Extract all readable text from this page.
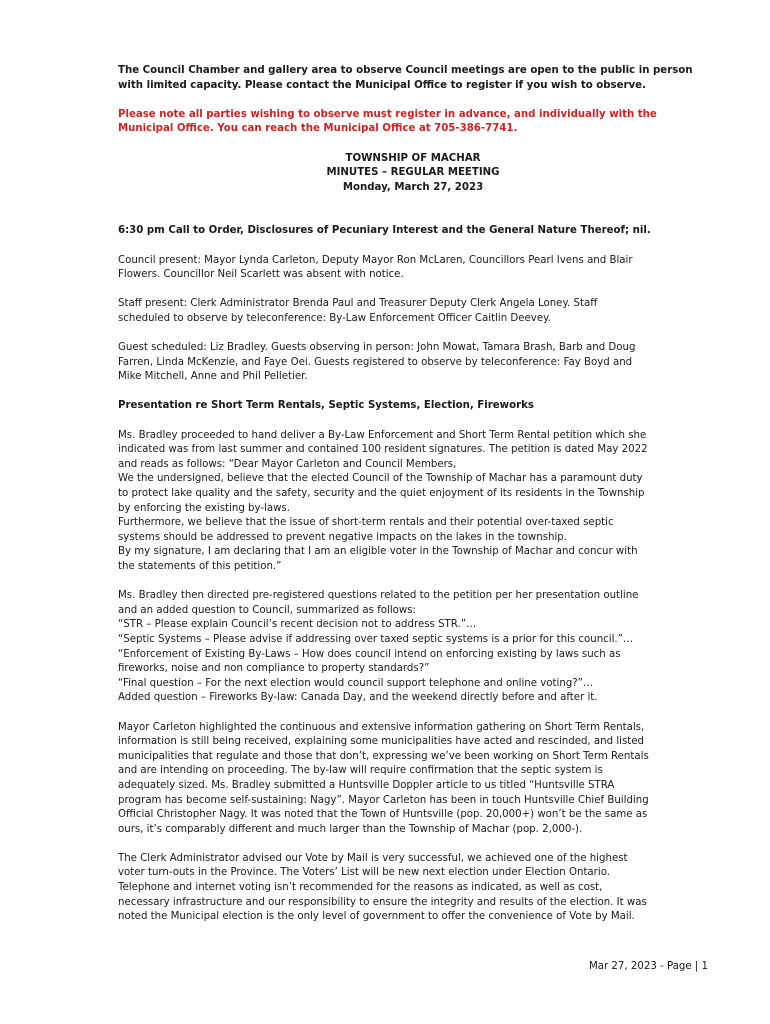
The Council Chamber and gallery area to observe Council meetings are open to the public in person
with limited capacity. Please contact the Municipal Office to register if you wish to observe.
Please note all parties wishing to observe must register in advance, and individually with the
Municipal Office. You can reach the Municipal Office at 705-386-7741.
TOWNSHIP OF MACHAR
MINUTES – REGULAR MEETING
Monday, March 27, 2023
6:30 pm Call to Order, Disclosures of Pecuniary Interest and the General Nature Thereof; nil.
Council present: Mayor Lynda Carleton, Deputy Mayor Ron McLaren, Councillors Pearl Ivens and Blair
Flowers. Councillor Neil Scarlett was absent with notice.
Staff present: Clerk Administrator Brenda Paul and Treasurer Deputy Clerk Angela Loney. Staff
scheduled to observe by teleconference: By-Law Enforcement Officer Caitlin Deevey.
Guest scheduled: Liz Bradley. Guests observing in person: John Mowat, Tamara Brash, Barb and Doug
Farren, Linda McKenzie, and Faye Oei. Guests registered to observe by teleconference: Fay Boyd and
Mike Mitchell, Anne and Phil Pelletier.
Presentation re Short Term Rentals, Septic Systems, Election, Fireworks
Ms. Bradley proceeded to hand deliver a By-Law Enforcement and Short Term Rental petition which she
indicated was from last summer and contained 100 resident signatures. The petition is dated May 2022
and reads as follows: “Dear Mayor Carleton and Council Members,
We the undersigned, believe that the elected Council of the Township of Machar has a paramount duty
to protect lake quality and the safety, security and the quiet enjoyment of its residents in the Township
by enforcing the existing by-laws.
Furthermore, we believe that the issue of short-term rentals and their potential over-taxed septic
systems should be addressed to prevent negative impacts on the lakes in the township.
By my signature, I am declaring that I am an eligible voter in the Township of Machar and concur with
the statements of this petition.”
Ms. Bradley then directed pre-registered questions related to the petition per her presentation outline
and an added question to Council, summarized as follows:
“STR – Please explain Council’s recent decision not to address STR.”…
“Septic Systems – Please advise if addressing over taxed septic systems is a prior for this council.”…
“Enforcement of Existing By-Laws – How does council intend on enforcing existing by laws such as
fireworks, noise and non compliance to property standards?”
“Final question – For the next election would council support telephone and online voting?”…
Added question – Fireworks By-law: Canada Day, and the weekend directly before and after it.
Mayor Carleton highlighted the continuous and extensive information gathering on Short Term Rentals,
information is still being received, explaining some municipalities have acted and rescinded, and listed
municipalities that regulate and those that don’t, expressing we’ve been working on Short Term Rentals
and are intending on proceeding. The by-law will require confirmation that the septic system is
adequately sized. Ms. Bradley submitted a Huntsville Doppler article to us titled “Huntsville STRA
program has become self-sustaining: Nagy”. Mayor Carleton has been in touch Huntsville Chief Building
Official Christopher Nagy. It was noted that the Town of Huntsville (pop. 20,000+) won’t be the same as
ours, it’s comparably different and much larger than the Township of Machar (pop. 2,000-).
The Clerk Administrator advised our Vote by Mail is very successful, we achieved one of the highest
voter turn-outs in the Province. The Voters’ List will be new next election under Election Ontario.
Telephone and internet voting isn’t recommended for the reasons as indicated, as well as cost,
necessary infrastructure and our responsibility to ensure the integrity and results of the election. It was
noted the Municipal election is the only level of government to offer the convenience of Vote by Mail.
Mar 27, 2023 - Page | 1
